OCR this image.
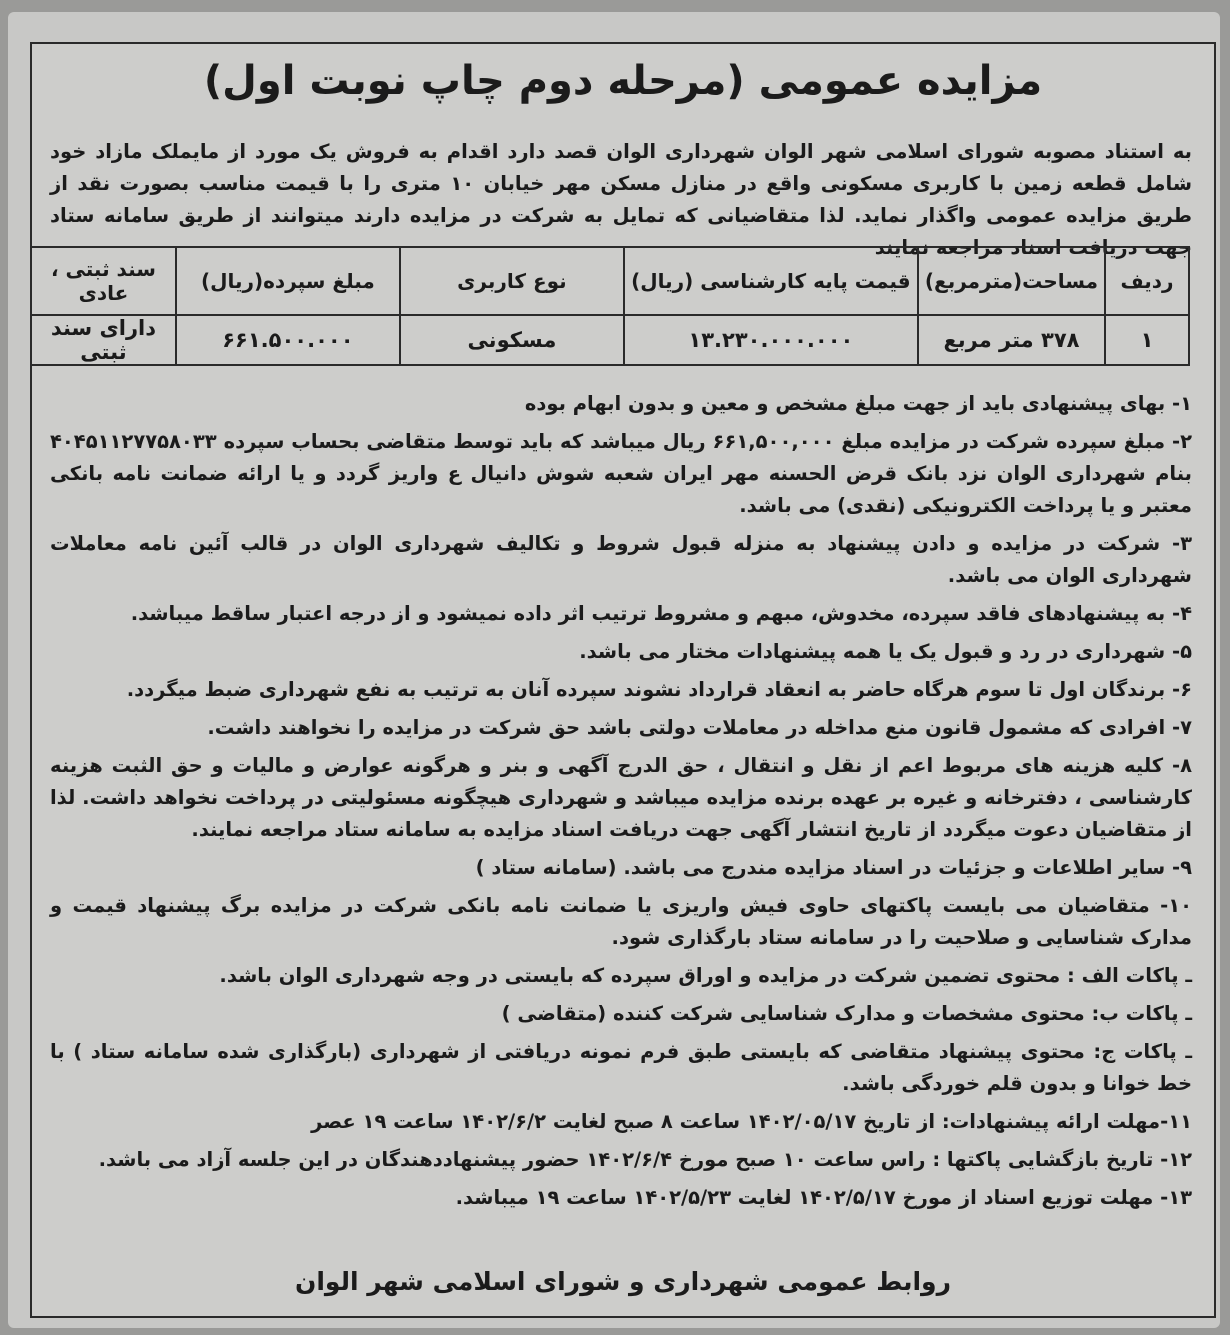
مزایده عمومی (مرحله دوم چاپ نوبت اول)
به استناد مصوبه شورای اسلامی شهر الوان شهرداری الوان قصد دارد اقدام به فروش یک مورد از مایملک مازاد خود شامل قطعه زمین با کاربری مسکونی واقع در منازل مسکن مهر خیابان ۱۰ متری را با قیمت مناسب بصورت نقد از طریق مزایده عمومی واگذار نماید. لذا متقاضیانی که تمایل به شرکت در مزایده دارند میتوانند از طریق سامانه ستاد جهت دریافت اسناد مراجعه نمایند
ردیف	مساحت(مترمربع)	قیمت پایه کارشناسی (ریال)	نوع کاربری	مبلغ سپرده(ریال)	سند ثبتی ، عادی
۱	۳۷۸ متر مربع	۱۳.۲۳۰.۰۰۰.۰۰۰	مسکونی	۶۶۱.۵۰۰.۰۰۰	دارای سند ثبتی
۱- بهای پیشنهادی باید از جهت مبلغ مشخص و معین و بدون ابهام بوده
۲- مبلغ سپرده شرکت در مزایده مبلغ ۶۶۱,۵۰۰,۰۰۰ ریال میباشد که باید توسط متقاضی بحساب سپرده ۴۰۴۵۱۱۲۷۷۵۸۰۳۳ بنام شهرداری الوان نزد بانک قرض الحسنه مهر ایران شعبه شوش دانیال ع واریز گردد و یا ارائه ضمانت نامه بانکی معتبر و یا پرداخت الکترونیکی (نقدی) می باشد.
۳- شرکت در مزایده و دادن پیشنهاد به منزله قبول شروط و تکالیف شهرداری الوان در قالب آئین نامه معاملات شهرداری الوان می باشد.
۴- به پیشنهادهای فاقد سپرده، مخدوش، مبهم و مشروط ترتیب اثر داده نمیشود و از درجه اعتبار ساقط میباشد.
۵- شهرداری در رد و قبول یک یا همه پیشنهادات مختار می باشد.
۶- برندگان اول تا سوم هرگاه حاضر به انعقاد قرارداد نشوند سپرده آنان به ترتیب به نفع شهرداری ضبط میگردد.
۷- افرادی که مشمول قانون منع مداخله در معاملات دولتی باشد حق شرکت در مزایده را نخواهند داشت.
۸- کلیه هزینه های مربوط اعم از نقل و انتقال ، حق الدرج آگهی و بنر و هرگونه عوارض و مالیات و حق الثبت هزینه کارشناسی ، دفترخانه و غیره بر عهده برنده مزایده میباشد و شهرداری هیچگونه مسئولیتی در پرداخت نخواهد داشت. لذا از متقاضیان دعوت میگردد از تاریخ انتشار آگهی جهت دریافت اسناد مزایده به سامانه ستاد مراجعه نمایند.
۹- سایر اطلاعات و جزئیات در اسناد مزایده مندرج می باشد. (سامانه ستاد )
۱۰- متقاضیان می بایست پاکتهای حاوی فیش واریزی یا ضمانت نامه بانکی شرکت در مزایده برگ پیشنهاد قیمت و مدارک شناسایی و صلاحیت را در سامانه ستاد بارگذاری شود.
ـ پاکات الف : محتوی تضمین شرکت در مزایده و اوراق سپرده که بایستی در وجه شهرداری الوان باشد.
ـ پاکات ب: محتوی مشخصات و مدارک شناسایی شرکت کننده (متقاضی )
ـ پاکات ج: محتوی پیشنهاد متقاضی که بایستی طبق فرم نمونه دریافتی از شهرداری (بارگذاری شده سامانه ستاد ) با خط خوانا و بدون قلم خوردگی باشد.
۱۱-مهلت ارائه پیشنهادات: از تاریخ ۱۴۰۲/۰۵/۱۷ ساعت ۸ صبح لغایت ۱۴۰۲/۶/۲ ساعت ۱۹ عصر
۱۲- تاریخ بازگشایی پاکتها : راس ساعت ۱۰ صبح مورخ ۱۴۰۲/۶/۴ حضور پیشنهاددهندگان در این جلسه آزاد می باشد.
۱۳- مهلت توزیع اسناد از مورخ ۱۴۰۲/۵/۱۷ لغایت ۱۴۰۲/۵/۲۳ ساعت ۱۹ میباشد.
روابط عمومی شهرداری و شورای اسلامی شهر الوان
